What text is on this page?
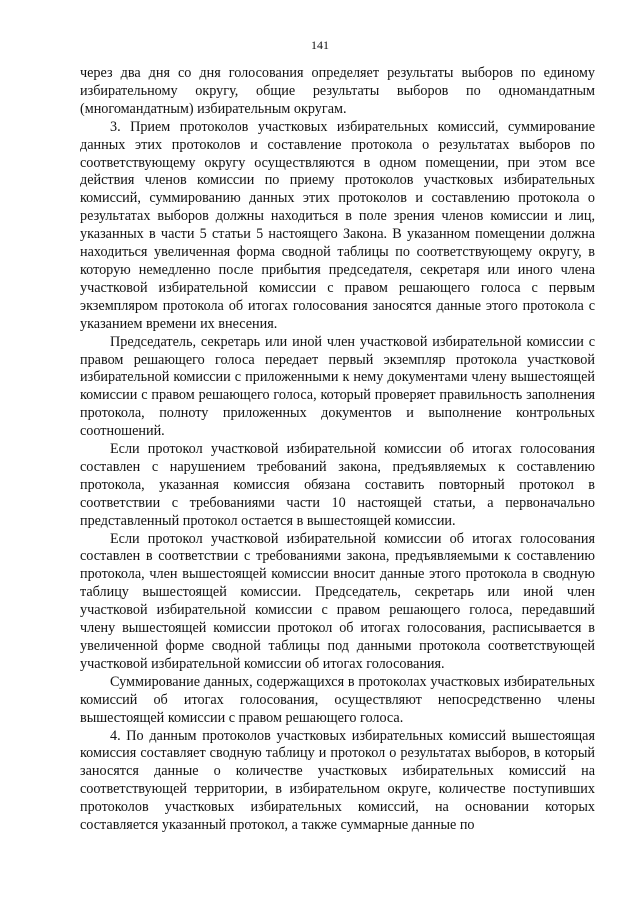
141

через два дня со дня голосования определяет результаты выборов по единому избирательному округу, общие результаты выборов по одномандатным (многомандатным) избирательным округам.

3. Прием протоколов участковых избирательных комиссий, суммирование данных этих протоколов и составление протокола о результатах выборов по соответствующему округу осуществляются в одном помещении, при этом все действия членов комиссии по приему протоколов участковых избирательных комиссий, суммированию данных этих протоколов и составлению протокола о результатах выборов должны находиться в поле зрения членов комиссии и лиц, указанных в части 5 статьи 5 настоящего Закона. В указанном помещении должна находиться увеличенная форма сводной таблицы по соответствующему округу, в которую немедленно после прибытия председателя, секретаря или иного члена участковой избирательной комиссии с правом решающего голоса с первым экземпляром протокола об итогах голосования заносятся данные этого протокола с указанием времени их внесения.

Председатель, секретарь или иной член участковой избирательной комиссии с правом решающего голоса передает первый экземпляр протокола участковой избирательной комиссии с приложенными к нему документами члену вышестоящей комиссии с правом решающего голоса, который проверяет правильность заполнения протокола, полноту приложенных документов и выполнение контрольных соотношений.

Если протокол участковой избирательной комиссии об итогах голосования составлен с нарушением требований закона, предъявляемых к составлению протокола, указанная комиссия обязана составить повторный протокол в соответствии с требованиями части 10 настоящей статьи, а первоначально представленный протокол остается в вышестоящей комиссии.

Если протокол участковой избирательной комиссии об итогах голосования составлен в соответствии с требованиями закона, предъявляемыми к составлению протокола, член вышестоящей комиссии вносит данные этого протокола в сводную таблицу вышестоящей комиссии. Председатель, секретарь или иной член участковой избирательной комиссии с правом решающего голоса, передавший члену вышестоящей комиссии протокол об итогах голосования, расписывается в увеличенной форме сводной таблицы под данными протокола соответствующей участковой избирательной комиссии об итогах голосования.

Суммирование данных, содержащихся в протоколах участковых избирательных комиссий об итогах голосования, осуществляют непосредственно члены вышестоящей комиссии с правом решающего голоса.

4. По данным протоколов участковых избирательных комиссий вышестоящая комиссия составляет сводную таблицу и протокол о результатах выборов, в который заносятся данные о количестве участковых избирательных комиссий на соответствующей территории, в избирательном округе, количестве поступивших протоколов участковых избирательных комиссий, на основании которых составляется указанный протокол, а также суммарные данные по
